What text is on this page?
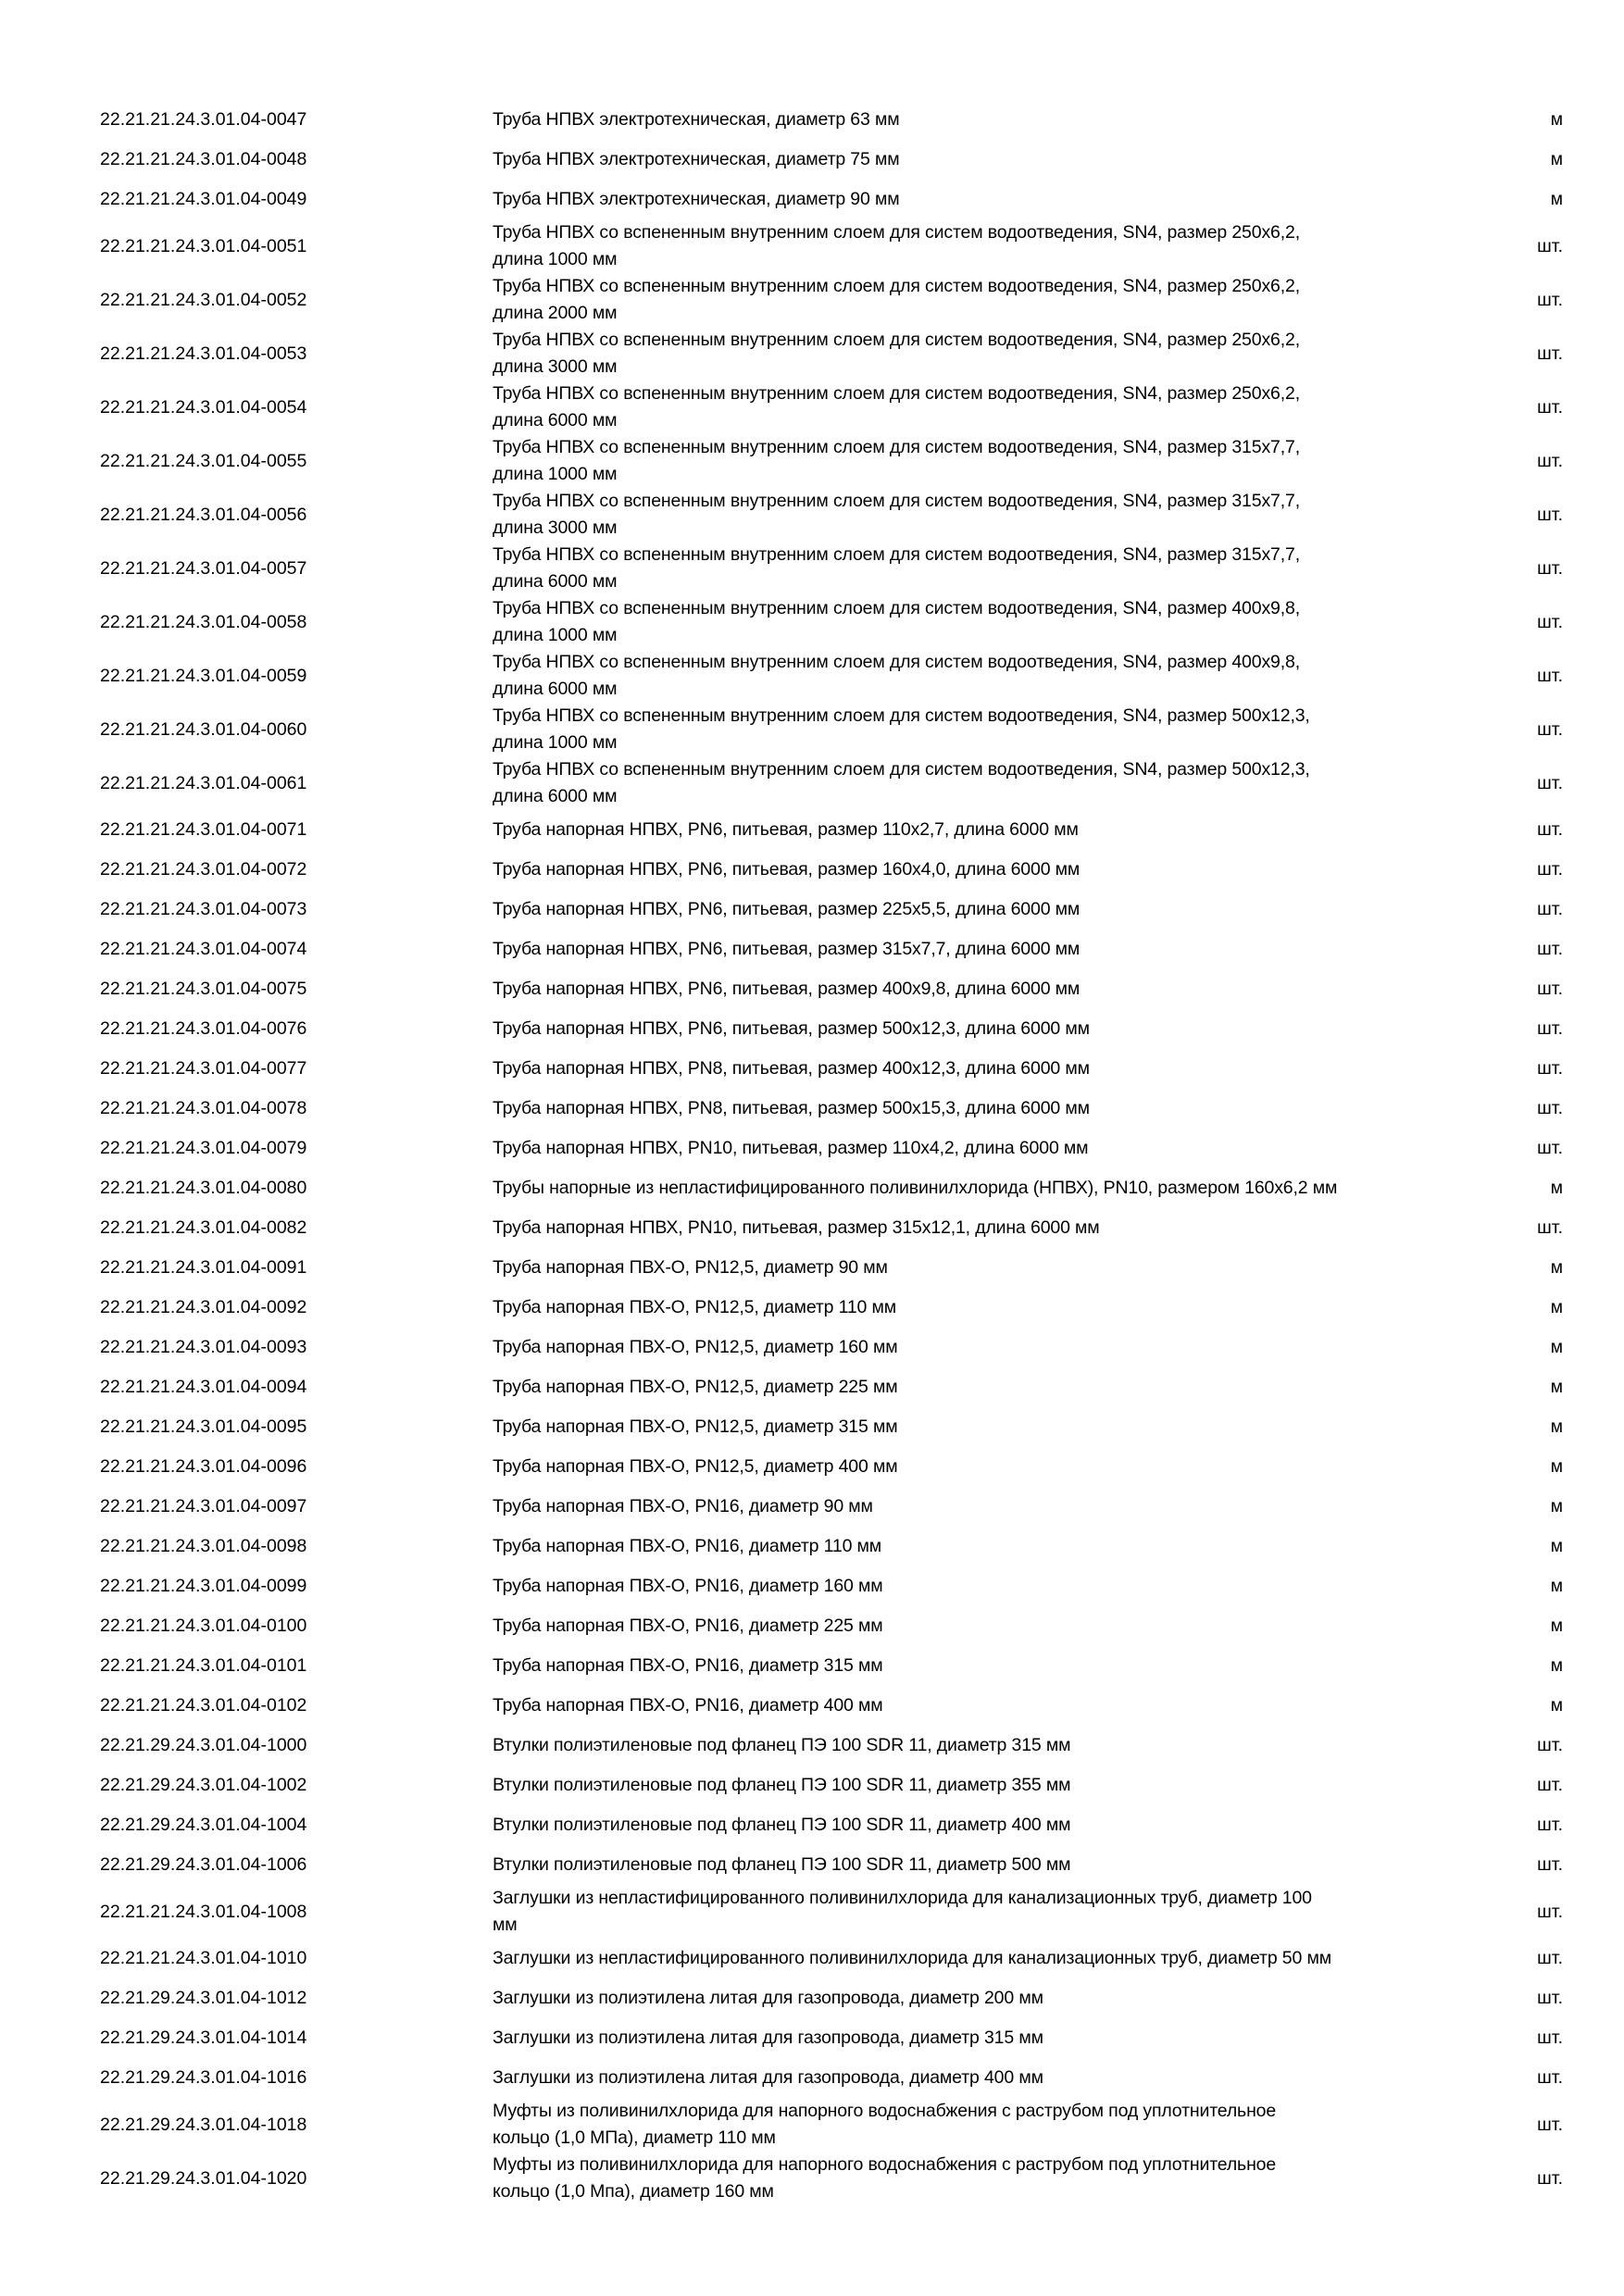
22.21.21.24.3.01.04-0047	Труба НПВХ электротехническая, диаметр 63 мм	м
22.21.21.24.3.01.04-0048	Труба НПВХ электротехническая, диаметр 75 мм	м
22.21.21.24.3.01.04-0049	Труба НПВХ электротехническая, диаметр 90 мм	м
22.21.21.24.3.01.04-0051	Труба НПВХ со вспененным внутренним слоем для систем водоотведения, SN4, размер 250х6,2,
длина 1000 мм	шт.
22.21.21.24.3.01.04-0052	Труба НПВХ со вспененным внутренним слоем для систем водоотведения, SN4, размер 250х6,2,
длина 2000 мм	шт.
22.21.21.24.3.01.04-0053	Труба НПВХ со вспененным внутренним слоем для систем водоотведения, SN4, размер 250х6,2,
длина 3000 мм	шт.
22.21.21.24.3.01.04-0054	Труба НПВХ со вспененным внутренним слоем для систем водоотведения, SN4, размер 250х6,2,
длина 6000 мм	шт.
22.21.21.24.3.01.04-0055	Труба НПВХ со вспененным внутренним слоем для систем водоотведения, SN4, размер 315х7,7,
длина 1000 мм	шт.
22.21.21.24.3.01.04-0056	Труба НПВХ со вспененным внутренним слоем для систем водоотведения, SN4, размер 315х7,7,
длина 3000 мм	шт.
22.21.21.24.3.01.04-0057	Труба НПВХ со вспененным внутренним слоем для систем водоотведения, SN4, размер 315х7,7,
длина 6000 мм	шт.
22.21.21.24.3.01.04-0058	Труба НПВХ со вспененным внутренним слоем для систем водоотведения, SN4, размер 400х9,8,
длина 1000 мм	шт.
22.21.21.24.3.01.04-0059	Труба НПВХ со вспененным внутренним слоем для систем водоотведения, SN4, размер 400х9,8,
длина 6000 мм	шт.
22.21.21.24.3.01.04-0060	Труба НПВХ со вспененным внутренним слоем для систем водоотведения, SN4, размер 500х12,3,
длина 1000 мм	шт.
22.21.21.24.3.01.04-0061	Труба НПВХ со вспененным внутренним слоем для систем водоотведения, SN4, размер 500х12,3,
длина 6000 мм	шт.
22.21.21.24.3.01.04-0071	Труба напорная НПВХ, PN6, питьевая, размер 110х2,7, длина 6000 мм	шт.
22.21.21.24.3.01.04-0072	Труба напорная НПВХ, PN6, питьевая, размер 160х4,0, длина 6000 мм	шт.
22.21.21.24.3.01.04-0073	Труба напорная НПВХ, PN6, питьевая, размер 225х5,5, длина 6000 мм	шт.
22.21.21.24.3.01.04-0074	Труба напорная НПВХ, PN6, питьевая, размер 315х7,7, длина 6000 мм	шт.
22.21.21.24.3.01.04-0075	Труба напорная НПВХ, PN6, питьевая, размер 400х9,8, длина 6000 мм	шт.
22.21.21.24.3.01.04-0076	Труба напорная НПВХ, PN6, питьевая, размер 500х12,3, длина 6000 мм	шт.
22.21.21.24.3.01.04-0077	Труба напорная НПВХ, PN8, питьевая, размер 400х12,3, длина 6000 мм	шт.
22.21.21.24.3.01.04-0078	Труба напорная НПВХ, PN8, питьевая, размер 500х15,3, длина 6000 мм	шт.
22.21.21.24.3.01.04-0079	Труба напорная НПВХ, PN10, питьевая, размер 110х4,2, длина 6000 мм	шт.
22.21.21.24.3.01.04-0080	Трубы напорные из непластифицированного поливинилхлорида (НПВХ), PN10, размером 160х6,2 мм	м
22.21.21.24.3.01.04-0082	Труба напорная НПВХ, PN10, питьевая, размер 315х12,1, длина 6000 мм	шт.
22.21.21.24.3.01.04-0091	Труба напорная ПВХ-О, PN12,5, диаметр 90 мм	м
22.21.21.24.3.01.04-0092	Труба напорная ПВХ-О, PN12,5, диаметр 110 мм	м
22.21.21.24.3.01.04-0093	Труба напорная ПВХ-О, PN12,5, диаметр 160 мм	м
22.21.21.24.3.01.04-0094	Труба напорная ПВХ-О, PN12,5, диаметр 225 мм	м
22.21.21.24.3.01.04-0095	Труба напорная ПВХ-О, PN12,5, диаметр 315 мм	м
22.21.21.24.3.01.04-0096	Труба напорная ПВХ-О, PN12,5, диаметр 400 мм	м
22.21.21.24.3.01.04-0097	Труба напорная ПВХ-О, PN16, диаметр 90 мм	м
22.21.21.24.3.01.04-0098	Труба напорная ПВХ-О, PN16, диаметр 110 мм	м
22.21.21.24.3.01.04-0099	Труба напорная ПВХ-О, PN16, диаметр 160 мм	м
22.21.21.24.3.01.04-0100	Труба напорная ПВХ-О, PN16, диаметр 225 мм	м
22.21.21.24.3.01.04-0101	Труба напорная ПВХ-О, PN16, диаметр 315 мм	м
22.21.21.24.3.01.04-0102	Труба напорная ПВХ-О, PN16, диаметр 400 мм	м
22.21.29.24.3.01.04-1000	Втулки полиэтиленовые под фланец ПЭ 100 SDR 11, диаметр 315 мм	шт.
22.21.29.24.3.01.04-1002	Втулки полиэтиленовые под фланец ПЭ 100 SDR 11, диаметр 355 мм	шт.
22.21.29.24.3.01.04-1004	Втулки полиэтиленовые под фланец ПЭ 100 SDR 11, диаметр 400 мм	шт.
22.21.29.24.3.01.04-1006	Втулки полиэтиленовые под фланец ПЭ 100 SDR 11, диаметр 500 мм	шт.
22.21.21.24.3.01.04-1008	Заглушки из непластифицированного поливинилхлорида для канализационных труб, диаметр 100
мм	шт.
22.21.21.24.3.01.04-1010	Заглушки из непластифицированного поливинилхлорида для канализационных труб, диаметр 50 мм	шт.
22.21.29.24.3.01.04-1012	Заглушки из полиэтилена литая для газопровода, диаметр 200 мм	шт.
22.21.29.24.3.01.04-1014	Заглушки из полиэтилена литая для газопровода, диаметр 315 мм	шт.
22.21.29.24.3.01.04-1016	Заглушки из полиэтилена литая для газопровода, диаметр 400 мм	шт.
22.21.29.24.3.01.04-1018	Муфты из поливинилхлорида для напорного водоснабжения с раструбом под уплотнительное
кольцо (1,0 МПа), диаметр 110 мм	шт.
22.21.29.24.3.01.04-1020	Муфты из поливинилхлорида для напорного водоснабжения с раструбом под уплотнительное
кольцо (1,0 Мпа), диаметр 160 мм	шт.
